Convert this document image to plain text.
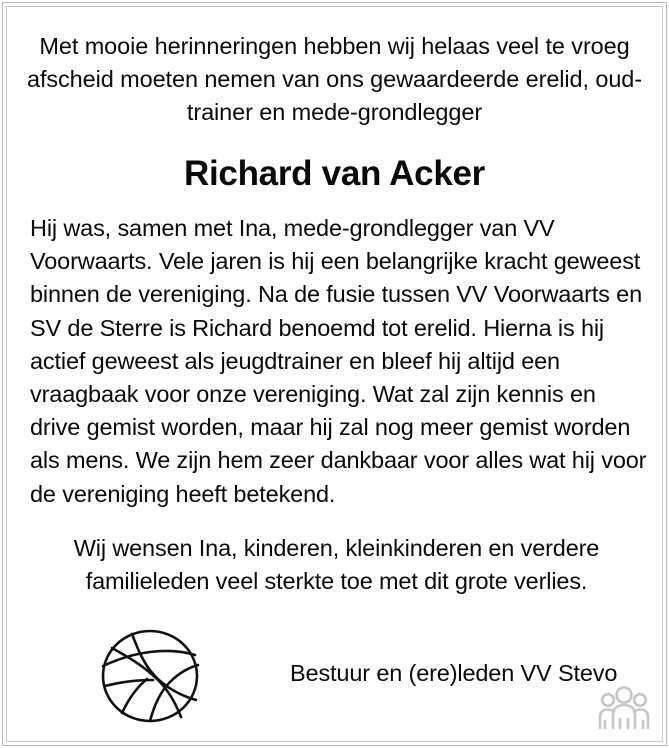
Met mooie herinneringen hebben wij helaas veel te vroeg afscheid moeten nemen van ons gewaardeerde erelid, oud-trainer en mede-grondlegger

Richard van Acker

Hij was, samen met Ina, mede-grondlegger van VV Voorwaarts. Vele jaren is hij een belangrijke kracht geweest binnen de vereniging. Na de fusie tussen VV Voorwaarts en SV de Sterre is Richard benoemd tot erelid. Hierna is hij actief geweest als jeugdtrainer en bleef hij altijd een vraagbaak voor onze vereniging. Wat zal zijn kennis en drive gemist worden, maar hij zal nog meer gemist worden als mens. We zijn hem zeer dankbaar voor alles wat hij voor de vereniging heeft betekend.

Wij wensen Ina, kinderen, kleinkinderen en verdere familieleden veel sterkte toe met dit grote verlies.

Bestuur en (ere)leden VV Stevo
